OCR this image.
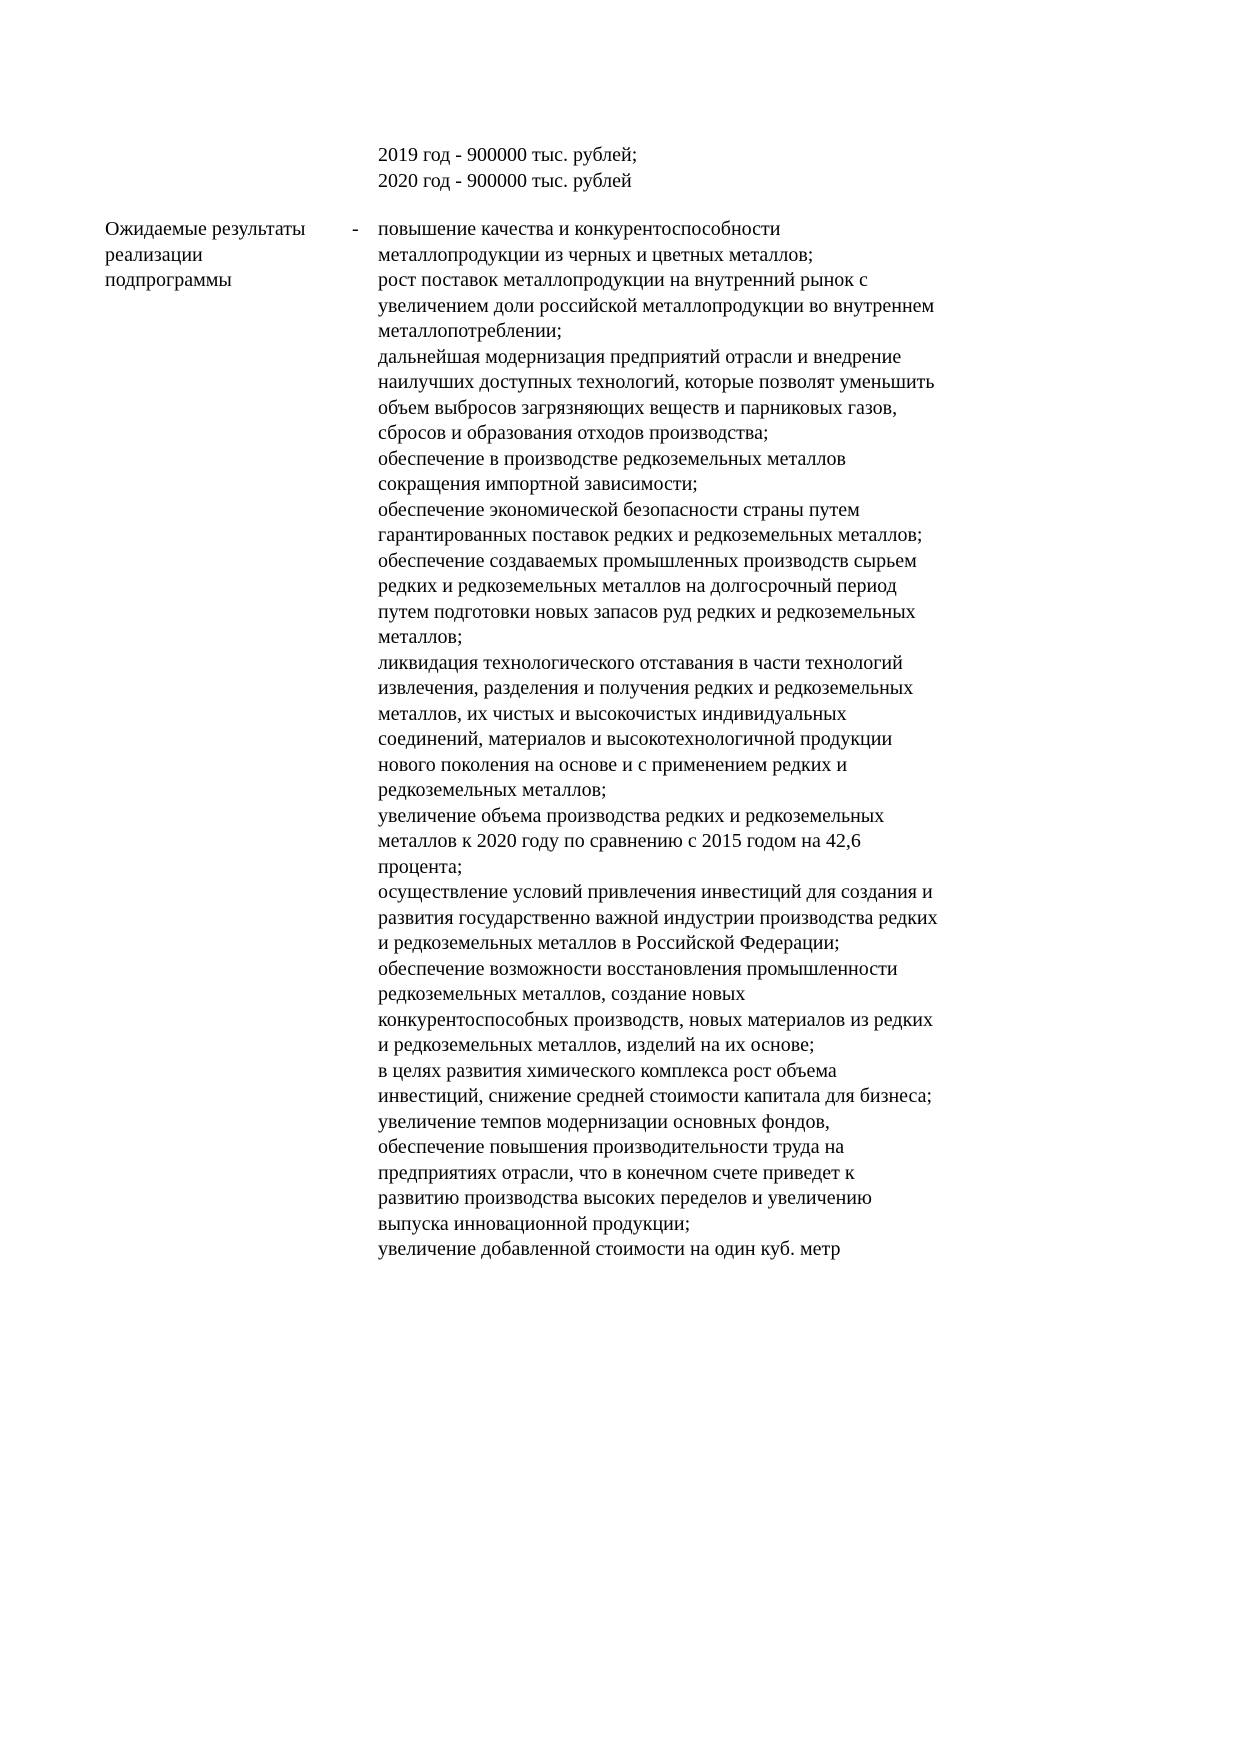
2019 год - 900000 тыс. рублей;
2020 год - 900000 тыс. рублей
Ожидаемые результаты
реализации
подпрограммы
- повышение качества и конкурентоспособности металлопродукции из черных и цветных металлов;
рост поставок металлопродукции на внутренний рынок с увеличением доли российской металлопродукции во внутреннем металлопотреблении;
дальнейшая модернизация предприятий отрасли и внедрение наилучших доступных технологий, которые позволят уменьшить объем выбросов загрязняющих веществ и парниковых газов, сбросов и образования отходов производства;
обеспечение в производстве редкоземельных металлов сокращения импортной зависимости;
обеспечение экономической безопасности страны путем гарантированных поставок редких и редкоземельных металлов;
обеспечение создаваемых промышленных производств сырьем редких и редкоземельных металлов на долгосрочный период путем подготовки новых запасов руд редких и редкоземельных металлов;
ликвидация технологического отставания в части технологий извлечения, разделения и получения редких и редкоземельных металлов, их чистых и высокочистых индивидуальных соединений, материалов и высокотехнологичной продукции нового поколения на основе и с применением редких и редкоземельных металлов;
увеличение объема производства редких и редкоземельных металлов к 2020 году по сравнению с 2015 годом на 42,6 процента;
осуществление условий привлечения инвестиций для создания и развития государственно важной индустрии производства редких и редкоземельных металлов в Российской Федерации;
обеспечение возможности восстановления промышленности редкоземельных металлов, создание новых конкурентоспособных производств, новых материалов из редких и редкоземельных металлов, изделий на их основе;
в целях развития химического комплекса рост объема инвестиций, снижение средней стоимости капитала для бизнеса;
увеличение темпов модернизации основных фондов, обеспечение повышения производительности труда на предприятиях отрасли, что в конечном счете приведет к развитию производства высоких переделов и увеличению выпуска инновационной продукции;
увеличение добавленной стоимости на один куб. метр
